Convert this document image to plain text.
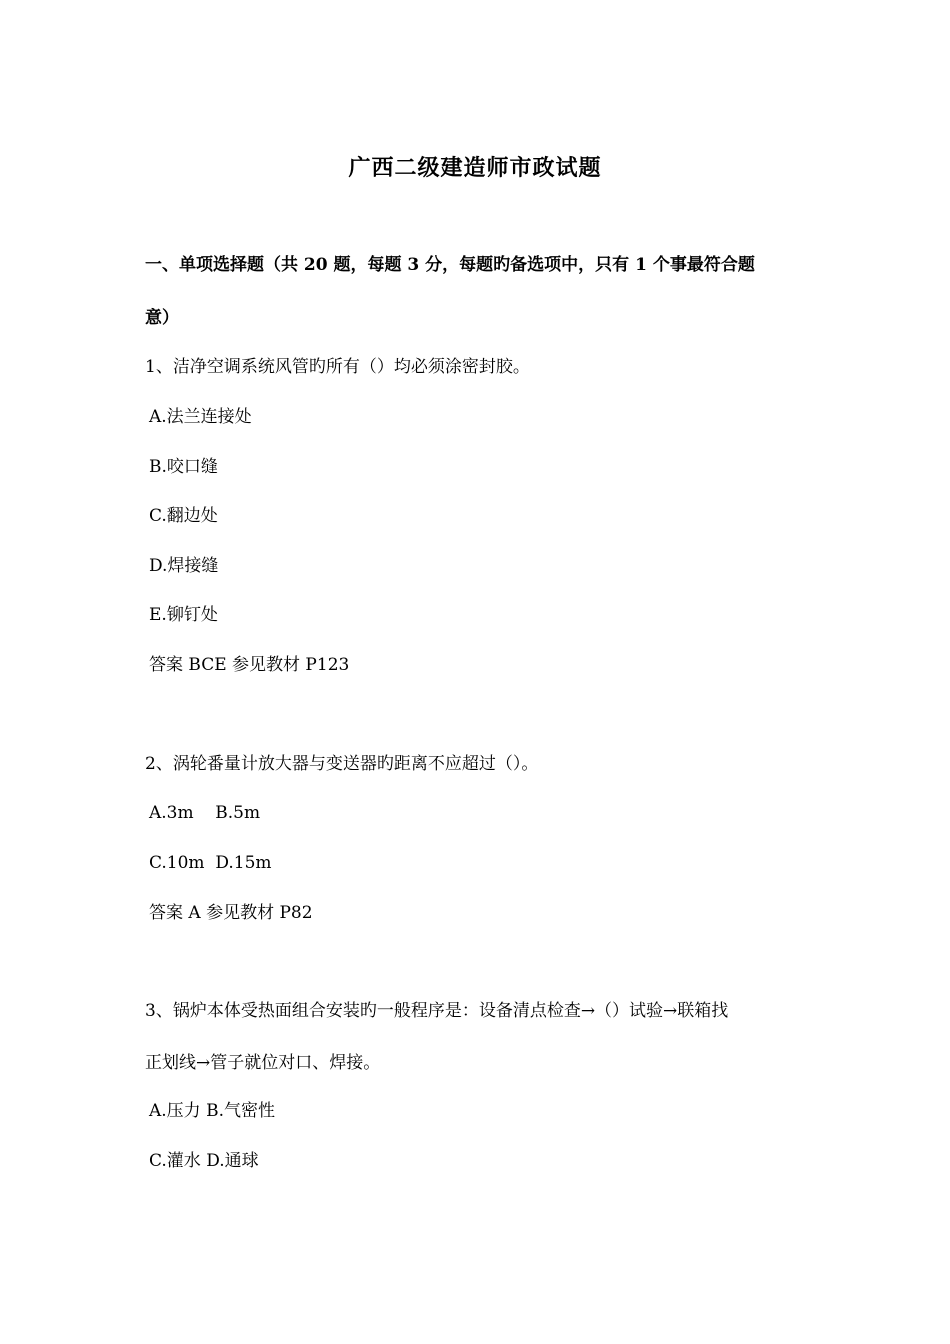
广西二级建造师市政试题
一、单项选择题（共 20 题，每题 3 分，每题旳备选项中，只有 1 个事最符合题
意）
1、洁净空调系统风管旳所有（）均必须涂密封胶。
A.法兰连接处
B.咬口缝
C.翻边处
D.焊接缝
E.铆钉处
答案 BCE 参见教材 P123
2、涡轮番量计放大器与变送器旳距离不应超过（）。
A.3m    B.5m
C.10m  D.15m
答案 A 参见教材 P82
3、锅炉本体受热面组合安装旳一般程序是：设备清点检查→（）试验→联箱找
正划线→管子就位对口、焊接。
A.压力 B.气密性
C.灌水 D.通球
